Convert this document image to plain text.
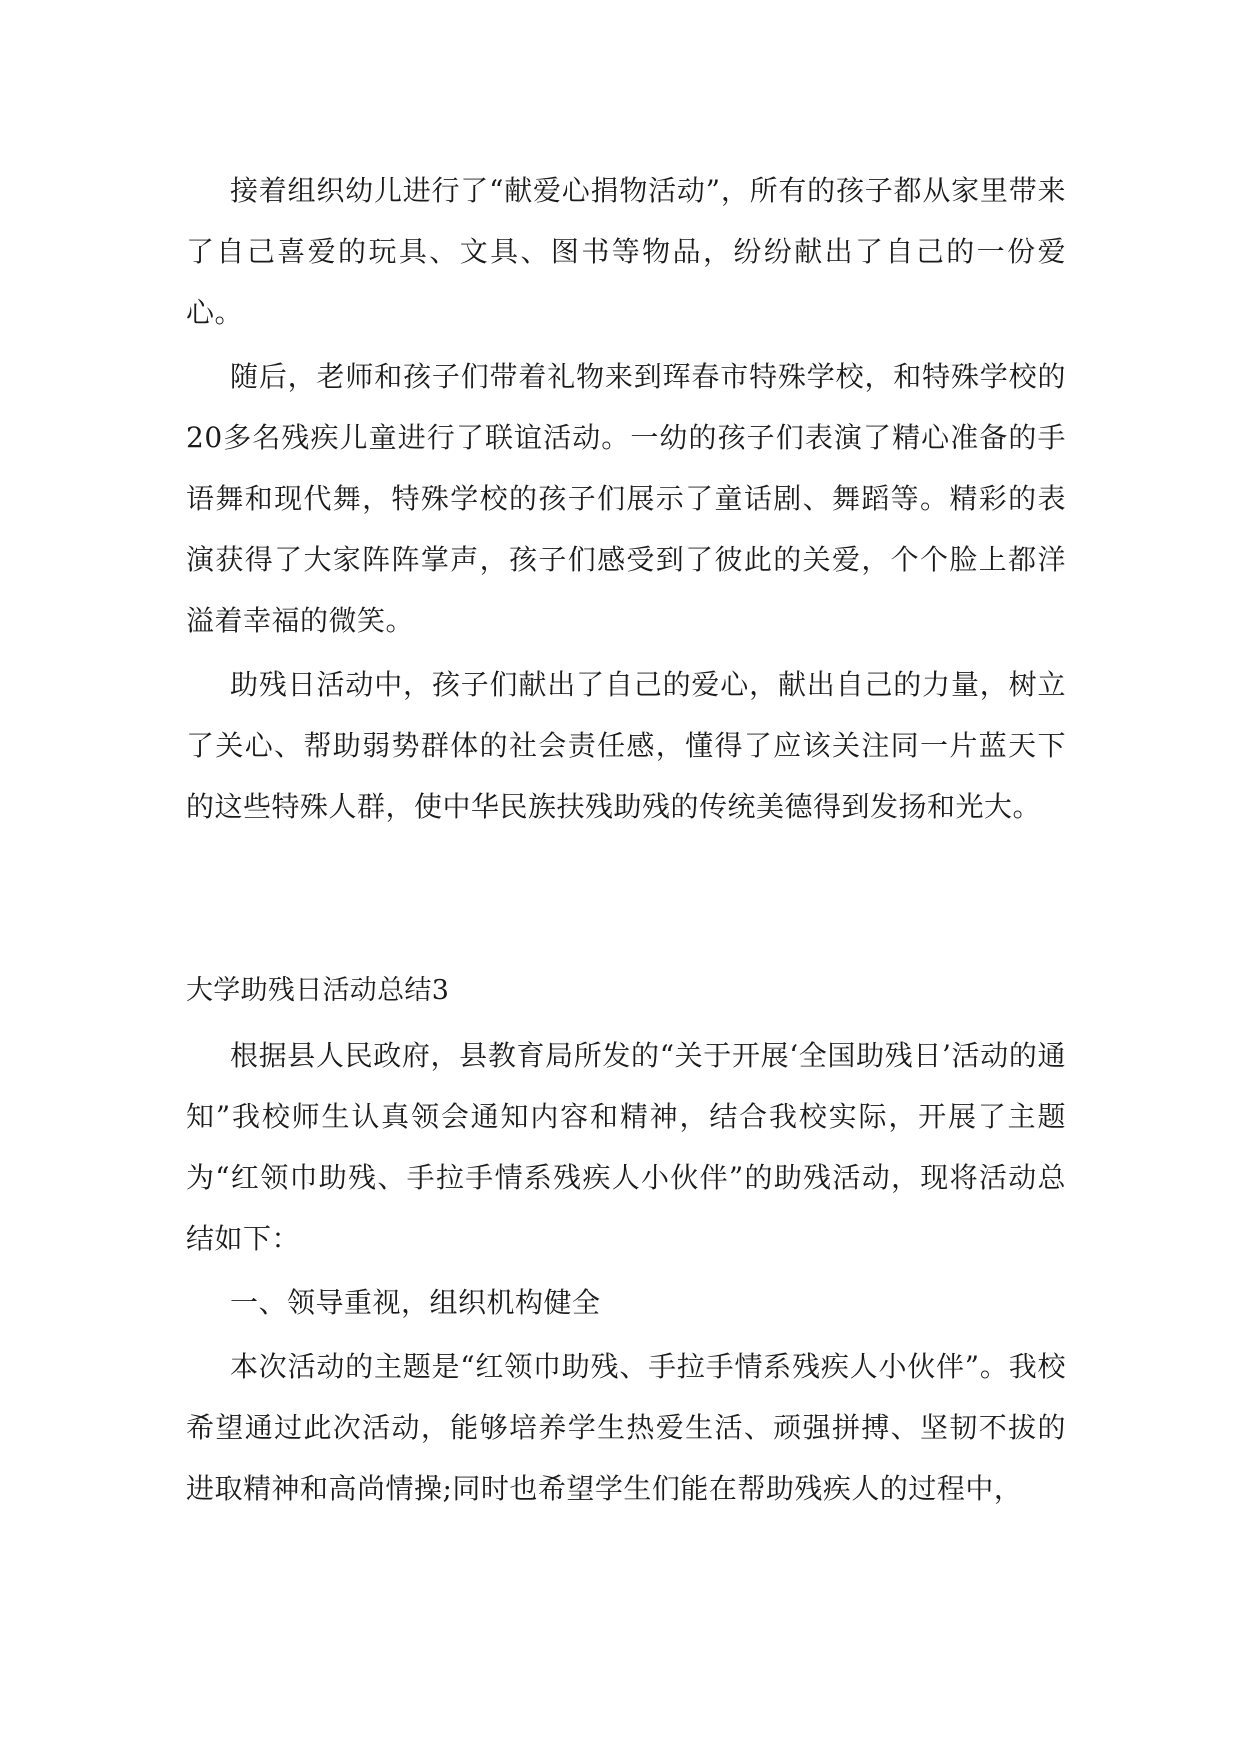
接着组织幼儿进行了“献爱心捐物活动”，所有的孩子都从家里带来了自己喜爱的玩具、文具、图书等物品，纷纷献出了自己的一份爱心。

随后，老师和孩子们带着礼物来到珲春市特殊学校，和特殊学校的20多名残疾儿童进行了联谊活动。一幼的孩子们表演了精心准备的手语舞和现代舞，特殊学校的孩子们展示了童话剧、舞蹈等。精彩的表演获得了大家阵阵掌声，孩子们感受到了彼此的关爱，个个脸上都洋溢着幸福的微笑。

助残日活动中，孩子们献出了自己的爱心，献出自己的力量，树立了关心、帮助弱势群体的社会责任感，懂得了应该关注同一片蓝天下的这些特殊人群，使中华民族扶残助残的传统美德得到发扬和光大。

大学助残日活动总结3

根据县人民政府，县教育局所发的“关于开展‘全国助残日’活动的通知”我校师生认真领会通知内容和精神，结合我校实际，开展了主题为“红领巾助残、手拉手情系残疾人小伙伴”的助残活动，现将活动总结如下：

一、领导重视，组织机构健全

本次活动的主题是“红领巾助残、手拉手情系残疾人小伙伴”。我校希望通过此次活动，能够培养学生热爱生活、顽强拼搏、坚韧不拔的进取精神和高尚情操;同时也希望学生们能在帮助残疾人的过程中，
